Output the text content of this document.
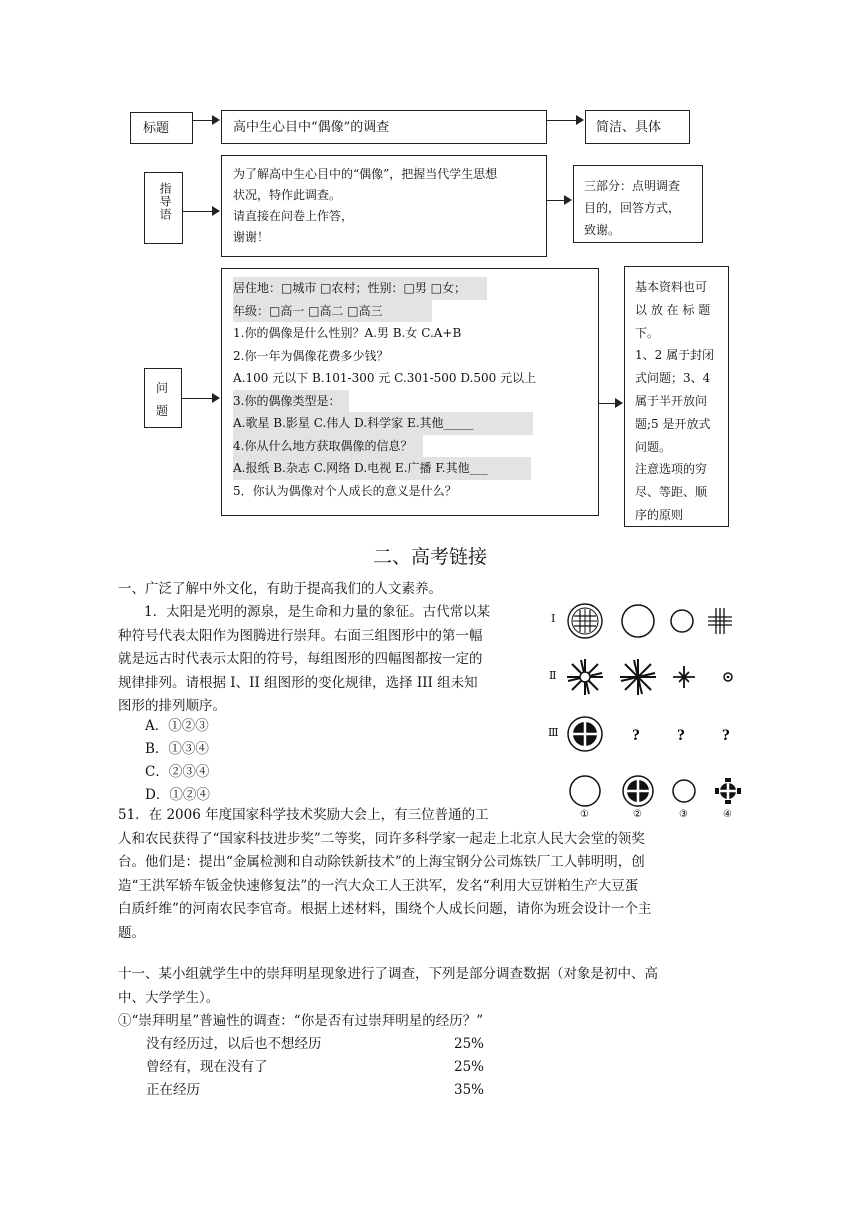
标题	高中生心目中“偶像”的调查	简洁、具体
指导语
为了解高中生心目中的“偶像”，把握当代学生思想
状况，特作此调查。
请直接在问卷上作答，
谢谢！
三部分：点明调查
目的，回答方式，
致谢。
问
题
居住地：□城市 □农村；性别：□男 □女；
年级：□高一 □高二 □高三
1.你的偶像是什么性别？A.男 B.女 C.A+B
2.你一年为偶像花费多少钱？
A.100 元以下 B.101-300 元 C.301-500 D.500 元以上
3.你的偶像类型是：
A.歌星 B.影星 C.伟人 D.科学家 E.其他_____
4.你从什么地方获取偶像的信息？
A.报纸 B.杂志 C.网络 D.电视 E.广播 F.其他___
5．你认为偶像对个人成长的意义是什么？
基本资料也可
以 放 在 标 题
下。
1、2 属于封闭
式问题；3、4
属于半开放问
题;5 是开放式
问题。
注意选项的穷
尽、等距、顺
序的原则
二、高考链接
一、广泛了解中外文化，有助于提高我们的人文素养。
1．太阳是光明的源泉，是生命和力量的象征。古代常以某
种符号代表太阳作为图腾进行崇拜。右面三组图形中的第一幅
就是远古时代表示太阳的符号，每组图形的四幅图都按一定的
规律排列。请根据 I、II 组图形的变化规律，选择 III 组未知
图形的排列顺序。
A．①②③
B．①③④
C．②③④
D．①②④
I
Ⅱ
Ⅲ	? ? ?
①	②	③	④
51．在 2006 年度国家科学技术奖励大会上，有三位普通的工
人和农民获得了“国家科技进步奖”二等奖，同许多科学家一起走上北京人民大会堂的领奖
台。他们是：提出“金属检测和自动除铁新技术”的上海宝钢分公司炼铁厂工人韩明明，创
造“王洪军轿车钣金快速修复法”的一汽大众工人王洪军，发名“利用大豆饼粕生产大豆蛋
白质纤维”的河南农民李官奇。根据上述材料，围绕个人成长问题，请你为班会设计一个主
题。
十一、某小组就学生中的崇拜明星现象进行了调查，下列是部分调查数据（对象是初中、高
中、大学学生）。
①“崇拜明星”普遍性的调查：“你是否有过崇拜明星的经历？”
没有经历过，以后也不想经历	25%
曾经有，现在没有了	25%
正在经历	35%
